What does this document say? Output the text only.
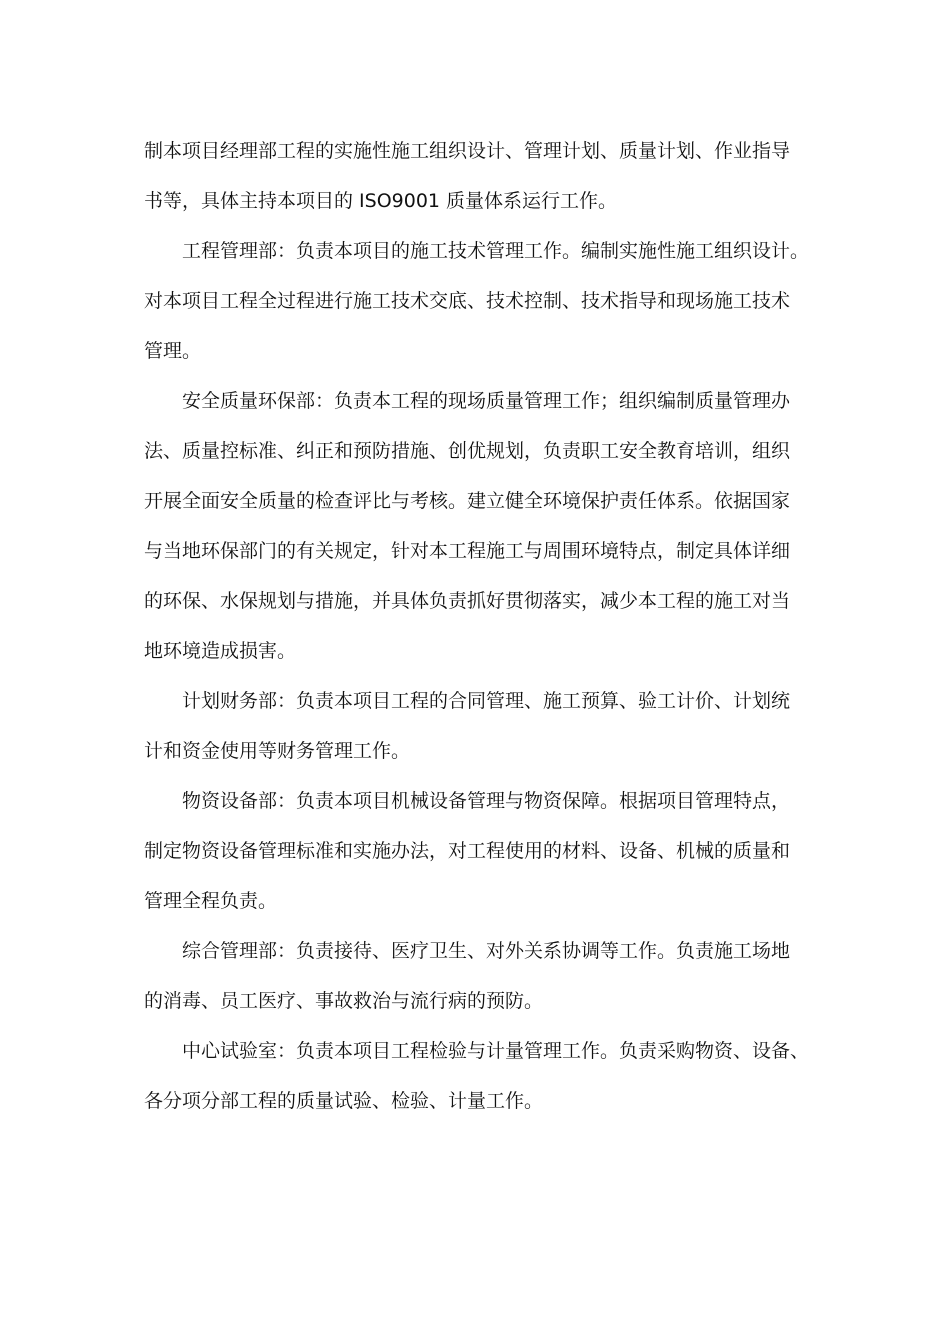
制本项目经理部工程的实施性施工组织设计、管理计划、质量计划、作业指导
书等，具体主持本项目的 ISO9001 质量体系运行工作。

工程管理部：负责本项目的施工技术管理工作。编制实施性施工组织设计。
对本项目工程全过程进行施工技术交底、技术控制、技术指导和现场施工技术
管理。

安全质量环保部：负责本工程的现场质量管理工作；组织编制质量管理办
法、质量控标准、纠正和预防措施、创优规划，负责职工安全教育培训，组织
开展全面安全质量的检查评比与考核。建立健全环境保护责任体系。依据国家
与当地环保部门的有关规定，针对本工程施工与周围环境特点，制定具体详细
的环保、水保规划与措施，并具体负责抓好贯彻落实，减少本工程的施工对当
地环境造成损害。

计划财务部：负责本项目工程的合同管理、施工预算、验工计价、计划统
计和资金使用等财务管理工作。

物资设备部：负责本项目机械设备管理与物资保障。根据项目管理特点，
制定物资设备管理标准和实施办法，对工程使用的材料、设备、机械的质量和
管理全程负责。

综合管理部：负责接待、医疗卫生、对外关系协调等工作。负责施工场地
的消毒、员工医疗、事故救治与流行病的预防。

中心试验室：负责本项目工程检验与计量管理工作。负责采购物资、设备、
各分项分部工程的质量试验、检验、计量工作。
